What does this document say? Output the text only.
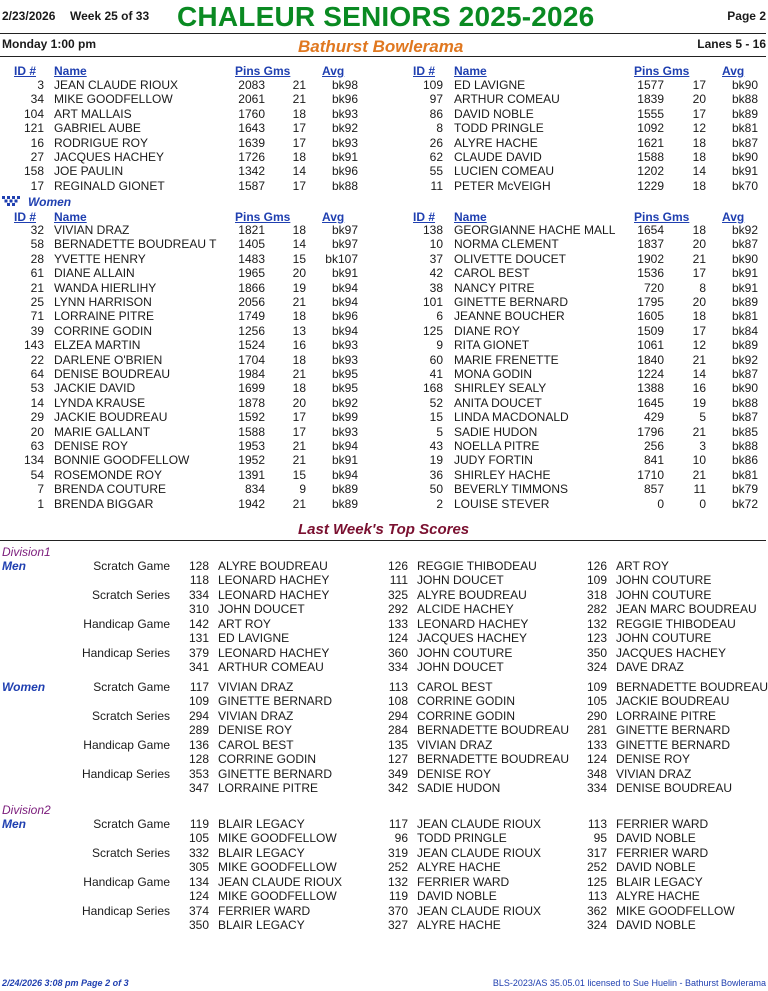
2/23/2026 Week 25 of 33 CHALEUR SENIORS 2025-2026	Page 2
Monday 1:00 pm	Bathurst Bowlerama	Lanes 5 - 16
ID # Name	Pins Gms	Avg	ID # Name	Pins Gms	Avg
3 JEAN CLAUDE RIOUX	2083 21 bk98
34 MIKE GOODFELLOW	2061 21 bk96
104 ART MALLAIS	1760 18 bk93
121 GABRIEL AUBE	1643 17 bk92
16 RODRIGUE ROY	1639 17 bk93
27 JACQUES HACHEY	1726 18 bk91
158 JOE PAULIN	1342 14 bk96
17 REGINALD GIONET	1587 17 bk88
109 ED LAVIGNE	1577 17 bk90
97 ARTHUR COMEAU	1839 20 bk88
86 DAVID NOBLE	1555 17 bk89
8 TODD PRINGLE	1092 12 bk81
26 ALYRE HACHE	1621 18 bk87
62 CLAUDE DAVID	1588 18 bk90
55 LUCIEN COMEAU	1202 14 bk91
11 PETER McVEIGH	1229 18 bk70
Women
ID # Name	Pins Gms	Avg	ID # Name	Pins Gms	Avg
32 VIVIAN DRAZ	1821 18 bk97
58 BERNADETTE BOUDREAU T 1405 14 bk97
28 YVETTE HENRY	1483 15 bk107
61 DIANE ALLAIN	1965 20 bk91
21 WANDA HIERLIHY	1866 19 bk94
25 LYNN HARRISON	2056 21 bk94
71 LORRAINE PITRE	1749 18 bk96
39 CORRINE GODIN	1256 13 bk94
143 ELZEA MARTIN	1524 16 bk93
22 DARLENE O'BRIEN	1704 18 bk93
64 DENISE BOUDREAU	1984 21 bk95
53 JACKIE DAVID	1699 18 bk95
14 LYNDA KRAUSE	1878 20 bk92
29 JACKIE BOUDREAU	1592 17 bk99
20 MARIE GALLANT	1588 17 bk93
63 DENISE ROY	1953 21 bk94
134 BONNIE GOODFELLOW	1952 21 bk91
54 ROSEMONDE ROY	1391 15 bk94
7 BRENDA COUTURE	834	9 bk89
1 BRENDA BIGGAR	1942 21 bk89
138 GEORGIANNE HACHE MALL 1654 18 bk92
10 NORMA CLEMENT	1837 20 bk87
37 OLIVETTE DOUCET	1902 21 bk90
42 CAROL BEST	1536 17 bk91
38 NANCY PITRE	720	8 bk91
101 GINETTE BERNARD	1795 20 bk89
6 JEANNE BOUCHER	1605 18 bk81
125 DIANE ROY	1509 17 bk84
9 RITA GIONET	1061 12 bk89
60 MARIE FRENETTE	1840 21 bk92
41 MONA GODIN	1224 14 bk87
168 SHIRLEY SEALY	1388 16 bk90
52 ANITA DOUCET	1645 19 bk88
15 LINDA MACDONALD	429	5 bk87
5 SADIE HUDON	1796 21 bk85
43 NOELLA PITRE	256	3 bk88
19 JUDY FORTIN	841 10 bk86
36 SHIRLEY HACHE	1710 21 bk81
50 BEVERLY TIMMONS	857 11 bk79
2 LOUISE STEVER	0	0 bk72
Last Week's Top Scores
Division1
Men	Scratch Game 128 ALYRE BOUDREAU	126 REGGIE THIBODEAU	126 ART ROY
118 LEONARD HACHEY	111 JOHN DOUCET	109 JOHN COUTURE
Scratch Series 334 LEONARD HACHEY	325 ALYRE BOUDREAU	318 JOHN COUTURE
310 JOHN DOUCET	292 ALCIDE HACHEY	282 JEAN MARC BOUDREAU
Handicap Game 142 ART ROY	133 LEONARD HACHEY	132 REGGIE THIBODEAU
131 ED LAVIGNE	124 JACQUES HACHEY	123 JOHN COUTURE
Handicap Series 379 LEONARD HACHEY	360 JOHN COUTURE	350 JACQUES HACHEY
341 ARTHUR COMEAU	334 JOHN DOUCET	324 DAVE DRAZ
Women	Scratch Game 117 VIVIAN DRAZ	113 CAROL BEST	109 BERNADETTE BOUDREAU
109 GINETTE BERNARD	108 CORRINE GODIN	105 JACKIE BOUDREAU
Scratch Series 294 VIVIAN DRAZ	294 CORRINE GODIN	290 LORRAINE PITRE
289 DENISE ROY	284 BERNADETTE BOUDREAU 281 GINETTE BERNARD
Handicap Game 136 CAROL BEST	135 VIVIAN DRAZ	133 GINETTE BERNARD
128 CORRINE GODIN	127 BERNADETTE BOUDREAU 124 DENISE ROY
Handicap Series 353 GINETTE BERNARD	349 DENISE ROY	348 VIVIAN DRAZ
347 LORRAINE PITRE	342 SADIE HUDON	334 DENISE BOUDREAU
Division2
Men	Scratch Game 119 BLAIR LEGACY	117 JEAN CLAUDE RIOUX	113 FERRIER WARD
105 MIKE GOODFELLOW	96 TODD PRINGLE	95 DAVID NOBLE
Scratch Series 332 BLAIR LEGACY	319 JEAN CLAUDE RIOUX	317 FERRIER WARD
305 MIKE GOODFELLOW	252 ALYRE HACHE	252 DAVID NOBLE
Handicap Game 134 JEAN CLAUDE RIOUX	132 FERRIER WARD	125 BLAIR LEGACY
124 MIKE GOODFELLOW	119 DAVID NOBLE	113 ALYRE HACHE
Handicap Series 374 FERRIER WARD	370 JEAN CLAUDE RIOUX	362 MIKE GOODFELLOW
350 BLAIR LEGACY	327 ALYRE HACHE	324 DAVID NOBLE
2/24/2026 3:08 pm Page 2 of 3	BLS-2023/AS 35.05.01 licensed to Sue Huelin - Bathurst Bowlerama
